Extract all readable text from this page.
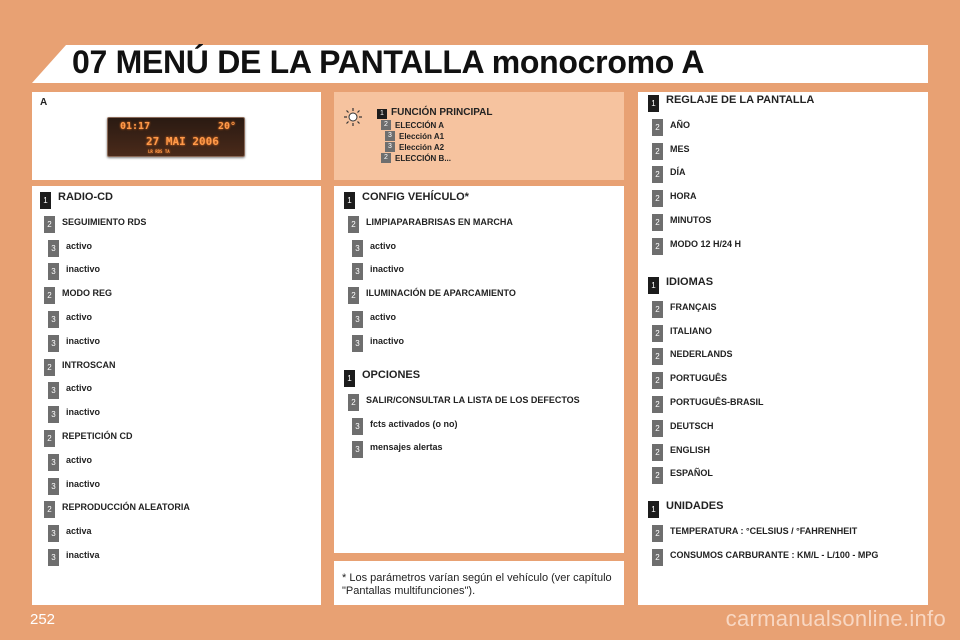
07 MENÚ DE LA PANTALLA monocromo A
A
01:17	20°
27 MAI 2006
LR RDS TA
1 FUNCIÓN PRINCIPAL
2 ELECCIÓN A
3 Elección A1
3 Elección A2
2 ELECCIÓN B...
1 RADIO-CD
2	SEGUIMIENTO RDS
3	activo
3	inactivo
2	MODO REG
3	activo
3	inactivo
2	INTROSCAN
3	activo
3	inactivo
2	REPETICIÓN CD
3	activo
3	inactivo
2	REPRODUCCIÓN ALEATORIA
3	activa
3	inactiva
1 CONFIG VEHÍCULO*
2	LIMPIAPARABRISAS EN MARCHA
3	activo
3	inactivo
2	ILUMINACIÓN DE APARCAMIENTO
3	activo
3	inactivo
1 OPCIONES
2	SALIR/CONSULTAR LA LISTA DE LOS DEFECTOS
3	fcts activados (o no)
3	mensajes alertas
1 REGLAJE DE LA PANTALLA
2	AÑO
2	MES
2	DÍA
2	HORA
2	MINUTOS
2	MODO 12 H/24 H
1 IDIOMAS
2	FRANÇAIS
2	ITALIANO
2	NEDERLANDS
2	PORTUGUÊS
2	PORTUGUÊS-BRASIL
2	DEUTSCH
2	ENGLISH
2	ESPAÑOL
1 UNIDADES
2	TEMPERATURA : °CELSIUS / °FAHRENHEIT
2	CONSUMOS CARBURANTE : KM/L - L/100 - MPG
* Los parámetros varían según el vehículo (ver capítulo "Pantallas multifunciones").
252	carmanualsonline.info
